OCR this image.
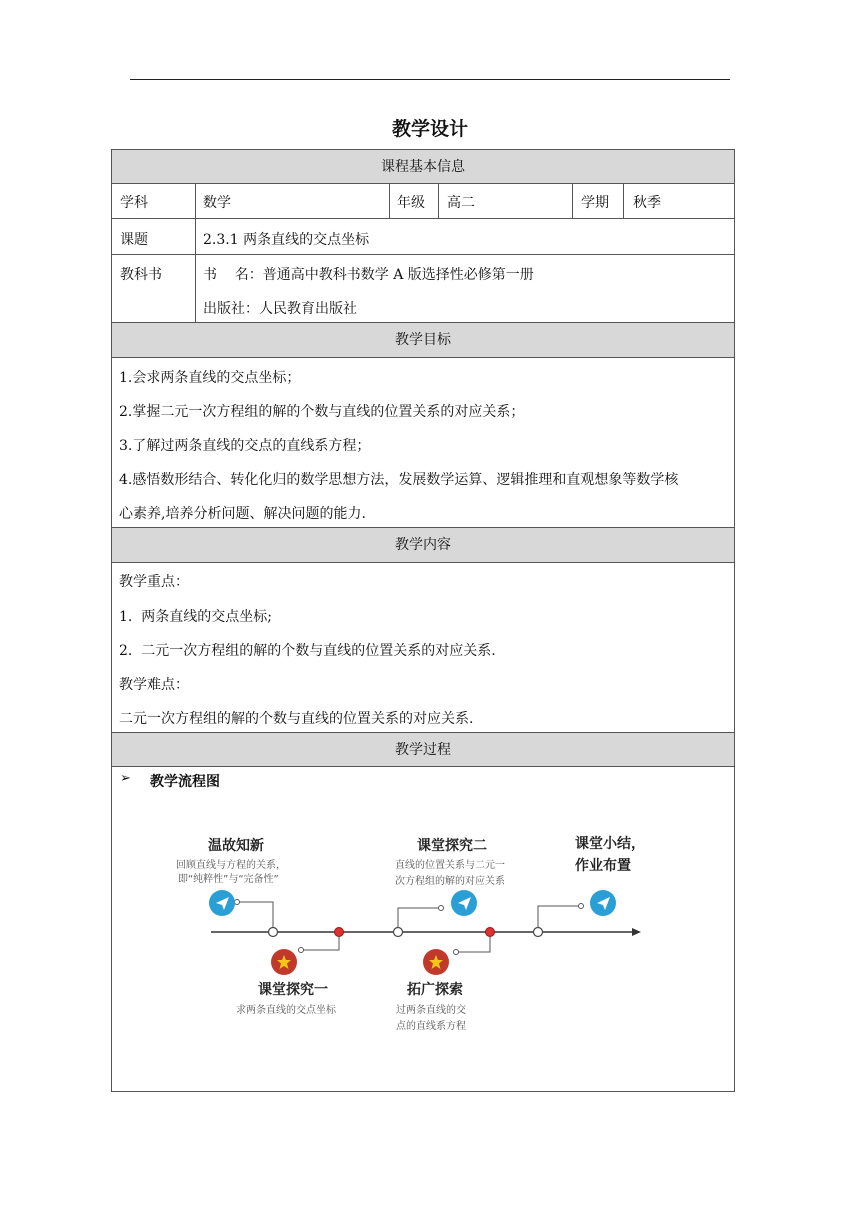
教学设计
课程基本信息
学科	数学	年级 高二	学期 秋季
课题	2.3.1 两条直线的交点坐标
教科书	书    名：普通高中教科书数学 A 版选择性必修第一册
出版社：人民教育出版社
教学目标
1.会求两条直线的交点坐标；
2.掌握二元一次方程组的解的个数与直线的位置关系的对应关系；
3.了解过两条直线的交点的直线系方程；
4.感悟数形结合、转化化归的数学思想方法，发展数学运算、逻辑推理和直观想象等数学核
心素养,培养分析问题、解决问题的能力.
教学内容
教学重点：
1.  两条直线的交点坐标;
2.  二元一次方程组的解的个数与直线的位置关系的对应关系.
教学难点：
二元一次方程组的解的个数与直线的位置关系的对应关系.
教学过程
➢ 教学流程图
温故知新
回顾直线与方程的关系，
即“纯粹性”与“完备性”
课堂探究二
直线的位置关系与二元一
次方程组的解的对应关系
课堂小结，
作业布置
课堂探究一
求两条直线的交点坐标
拓广探索
过两条直线的交
点的直线系方程
